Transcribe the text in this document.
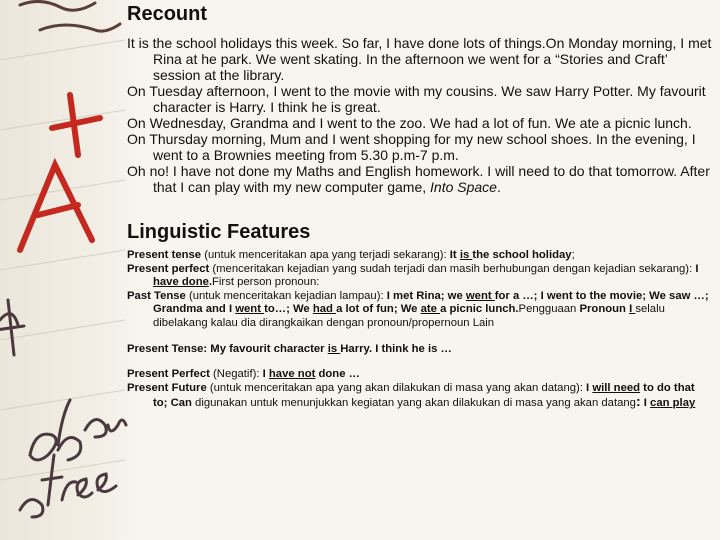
Recount

It is the school holidays this week. So far, I have done lots of things.On Monday morning, I met Rina at he park. We went skating. In the afternoon we went for a “Stories and Craft’ session at the library.

On Tuesday afternoon, I went to the movie with my cousins. We saw Harry Potter. My favourit character is Harry. I think he is great.

On Wednesday, Grandma and I went to the zoo. We had a lot of fun. We ate a picnic lunch.

On Thursday morning, Mum and I went shopping for my new school shoes. In the evening, I went to a Brownies meeting from 5.30 p.m-7 p.m.

Oh no! I have not done my Maths and English homework. I will need to do that tomorrow. After that I can play with my new computer game, Into Space.

Linguistic Features

Present tense (untuk menceritakan apa yang terjadi sekarang): It is the school holiday;

Present perfect (menceritakan kejadian yang sudah terjadi dan masih berhubungan dengan kejadian sekarang): I have done.First person pronoun:

Past Tense (untuk menceritakan kejadian lampau): I met Rina; we went for a …; I went to the movie; We saw …; Grandma and I went to…; We had a lot of fun; We ate a picnic lunch.Pengguaan Pronoun I selalu dibelakang kalau dia dirangkaikan dengan pronoun/propernoun Lain

Present Tense: My favourit character is Harry. I think he is …

Present Perfect (Negatif): I have not done …

Present Future (untuk menceritakan apa yang akan dilakukan di masa yang akan datang): I will need to do that to; Can digunakan untuk menunjukkan kegiatan yang akan dilakukan di masa yang akan datang: I can play
